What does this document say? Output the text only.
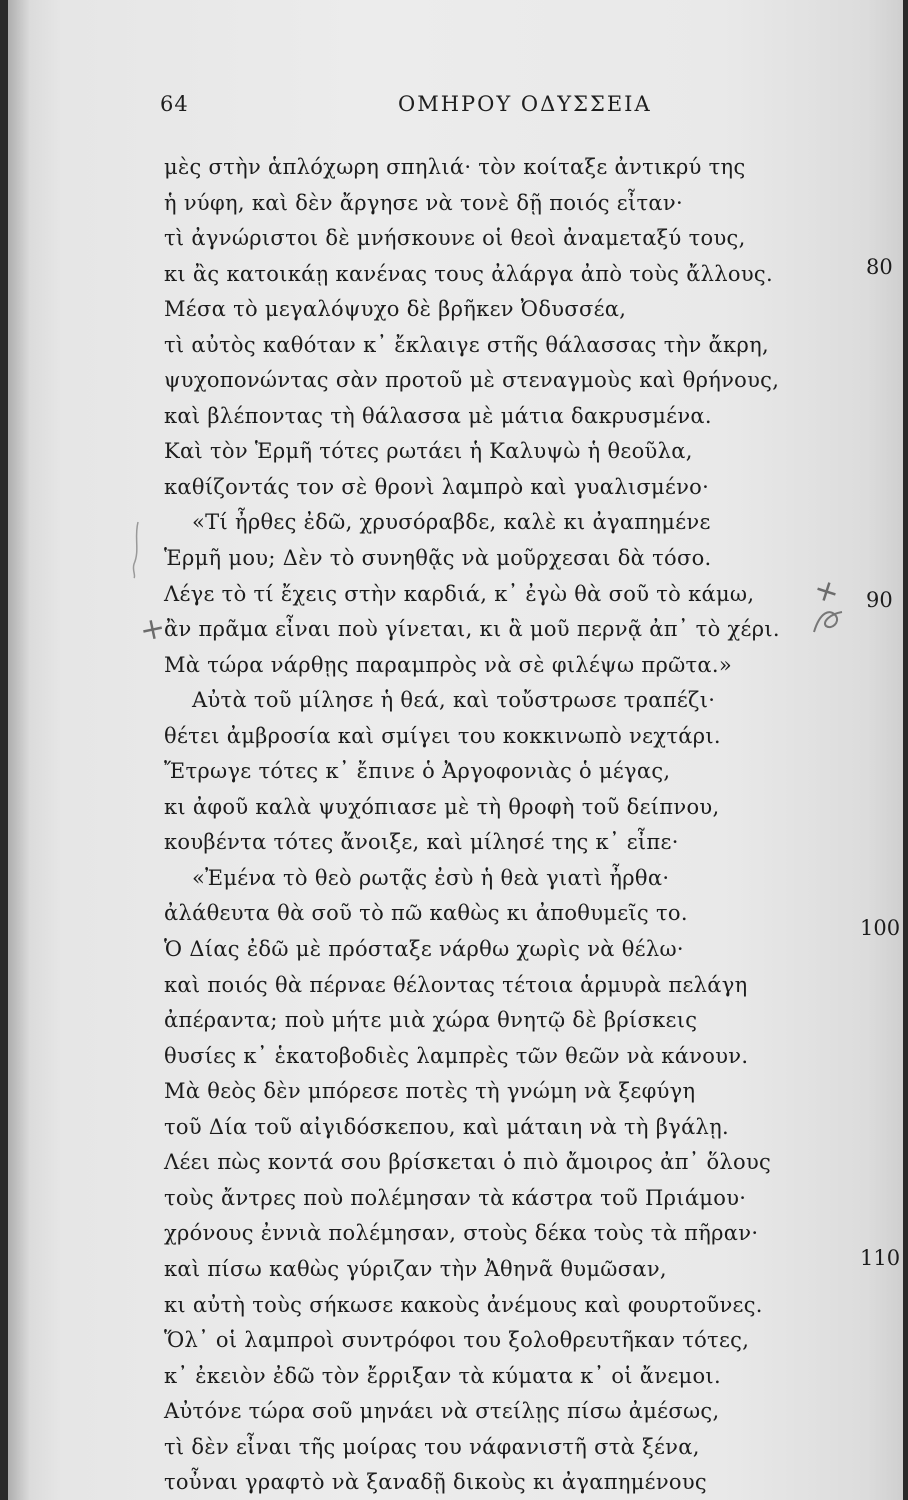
64	ΟΜΗΡΟΥ ΟΔΥΣΣΕΙΑ
μὲς στὴν ἁπλόχωρη σπηλιά· τὸν κοίταξε ἀντικρύ της
ἡ νύφη, καὶ δὲν ἄργησε νὰ τονὲ δῇ ποιός εἶταν·
τὶ ἀγνώριστοι δὲ μνήσκουνε οἱ θεοὶ ἀναμεταξύ τους,
κι ἂς κατοικάῃ κανένας τους ἀλάργα ἀπὸ τοὺς ἄλλους.
Μέσα τὸ μεγαλόψυχο δὲ βρῆκεν Ὀδυσσέα,
τὶ αὐτὸς καθόταν κ᾽ ἔκλαιγε στῆς θάλασσας τὴν ἄκρη,
ψυχοπονώντας σὰν προτοῦ μὲ στεναγμοὺς καὶ θρήνους,
καὶ βλέποντας τὴ θάλασσα μὲ μάτια δακρυσμένα.
Καὶ τὸν Ἑρμῆ τότες ρωτάει ἡ Καλυψὼ ἡ θεοῦλα,
καθίζοντάς τον σὲ θρονὶ λαμπρὸ καὶ γυαλισμένο·
«Τί ἦρθες ἐδῶ, χρυσόραβδε, καλὲ κι ἀγαπημένε
Ἑρμῆ μου; Δὲν τὸ συνηθᾷς νὰ μοῦρχεσαι δὰ τόσο.
Λέγε τὸ τί ἔχεις στὴν καρδιά, κ᾽ ἐγὼ θὰ σοῦ τὸ κάμω,
ἂν πρᾶμα εἶναι ποὺ γίνεται, κι ἃ μοῦ περνᾷ ἀπ᾽ τὸ χέρι.
Μὰ τώρα νάρθῃς παραμπρὸς νὰ σὲ φιλέψω πρῶτα.»
Αὐτὰ τοῦ μίλησε ἡ θεά, καὶ τοὔστρωσε τραπέζι·
θέτει ἀμβροσία καὶ σμίγει του κοκκινωπὸ νεχτάρι.
Ἔτρωγε τότες κ᾽ ἔπινε ὁ Ἀργοφονιὰς ὁ μέγας,
κι ἀφοῦ καλὰ ψυχόπιασε μὲ τὴ θροφὴ τοῦ δείπνου,
κουβέντα τότες ἄνοιξε, καὶ μίλησέ της κ᾽ εἶπε·
«Ἐμένα τὸ θεὸ ρωτᾷς ἐσὺ ἡ θεὰ γιατὶ ἦρθα·
ἀλάθευτα θὰ σοῦ τὸ πῶ καθὼς κι ἀποθυμεῖς το.
Ὁ Δίας ἐδῶ μὲ πρόσταξε νάρθω χωρὶς νὰ θέλω·
καὶ ποιός θὰ πέρναε θέλοντας τέτοια ἁρμυρὰ πελάγη
ἀπέραντα; ποὺ μήτε μιὰ χώρα θνητῷ δὲ βρίσκεις
θυσίες κ᾽ ἑκατοβοδιὲς λαμπρὲς τῶν θεῶν νὰ κάνουν.
Μὰ θεὸς δὲν μπόρεσε ποτὲς τὴ γνώμη νὰ ξεφύγη
τοῦ Δία τοῦ αἰγιδόσκεπου, καὶ μάταιη νὰ τὴ βγάλῃ.
Λέει πὼς κοντά σου βρίσκεται ὁ πιὸ ἄμοιρος ἀπ᾽ ὅλους
τοὺς ἄντρες ποὺ πολέμησαν τὰ κάστρα τοῦ Πριάμου·
χρόνους ἐννιὰ πολέμησαν, στοὺς δέκα τοὺς τὰ πῆραν·
καὶ πίσω καθὼς γύριζαν τὴν Ἀθηνᾶ θυμῶσαν,
κι αὐτὴ τοὺς σήκωσε κακοὺς ἀνέμους καὶ φουρτοῦνες.
Ὅλ᾽ οἱ λαμπροὶ συντρόφοι του ξολοθρευτῆκαν τότες,
κ᾽ ἐκειὸν ἐδῶ τὸν ἔρριξαν τὰ κύματα κ᾽ οἱ ἄνεμοι.
Αὐτόνε τώρα σοῦ μηνάει νὰ στείλῃς πίσω ἀμέσως,
τὶ δὲν εἶναι τῆς μοίρας του νάφανιστῆ στὰ ξένα,
τοὖναι γραφτὸ νὰ ξαναδῇ δικοὺς κι ἀγαπημένους
80
90
100
110
+
+
